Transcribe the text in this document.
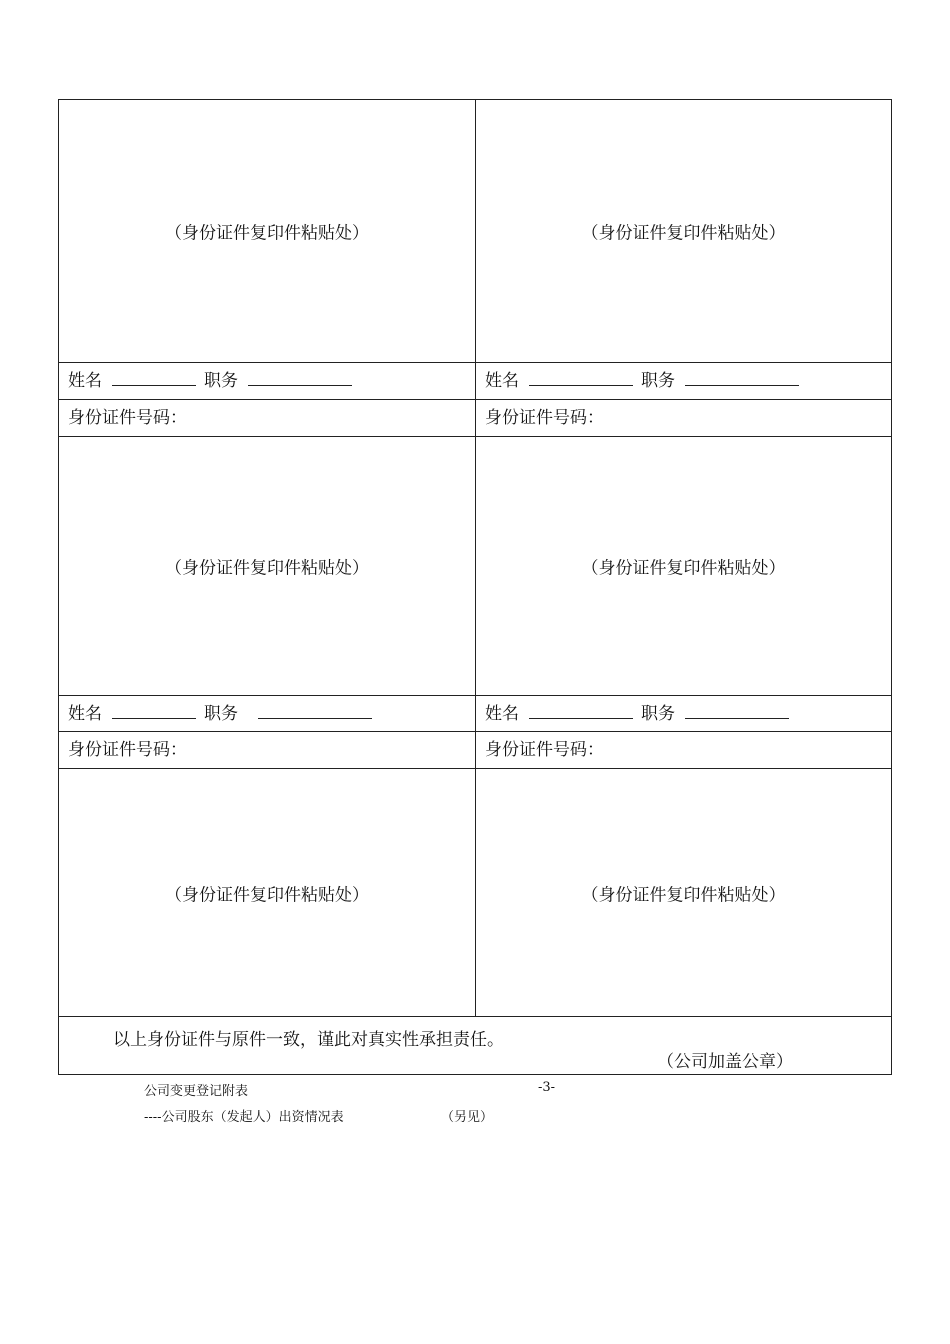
（身份证件复印件粘贴处）	（身份证件复印件粘贴处）
姓名	职务	姓名	职务
身份证件号码：	身份证件号码：
（身份证件复印件粘贴处）	（身份证件复印件粘贴处）
姓名	职务	姓名	职务
身份证件号码：	身份证件号码：
（身份证件复印件粘贴处）	（身份证件复印件粘贴处）
以上身份证件与原件一致，谨此对真实性承担责任。
（公司加盖公章）
公司变更登记附表	-3-
----公司股东（发起人）出资情况表	（另见）
